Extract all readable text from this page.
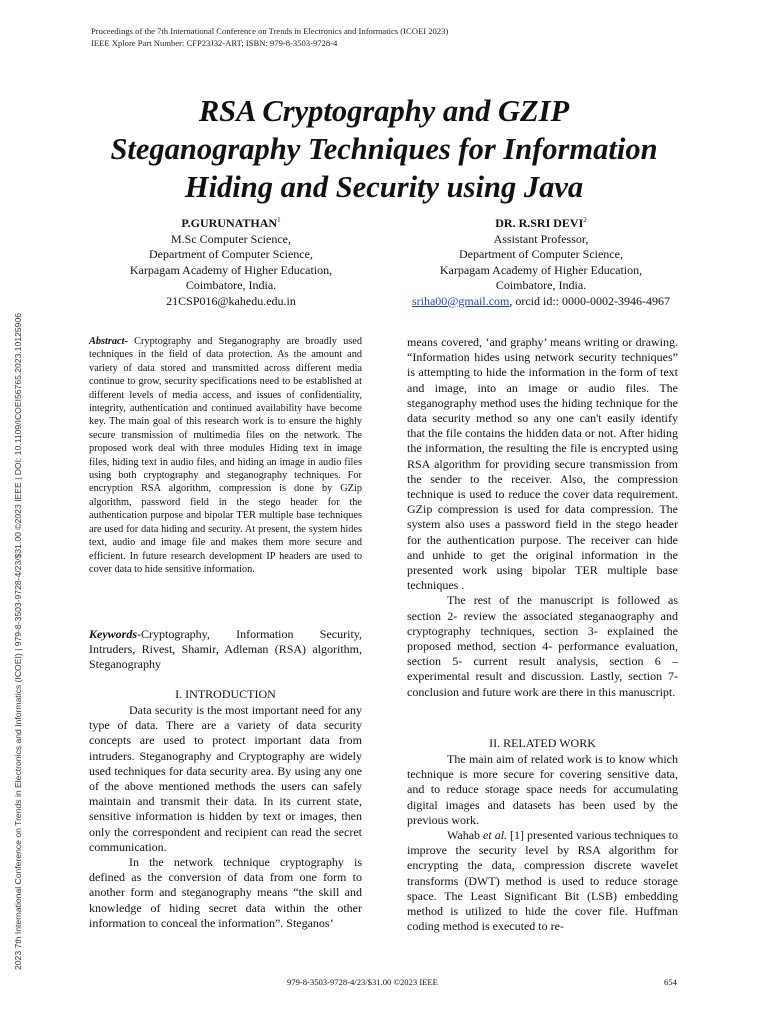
Proceedings of the 7th International Conference on Trends in Electronics and Informatics (ICOEI 2023)
IEEE Xplore Part Number: CFP23J32-ART; ISBN: 979-8-3503-9728-4
2023 7th International Conference on Trends in Electronics and Informatics (ICOEI) | 979-8-3503-9728-4/23/$31.00 ©2023 IEEE | DOI: 10.1109/ICOEI56765.2023.10125906
RSA Cryptography and GZIP
Steganography Techniques for Information
Hiding and Security using Java
P.GURUNATHAN$^1$
M.Sc Computer Science,
Department of Computer Science,
Karpagam Academy of Higher Education,
Coimbatore, India.
21CSP016@kahedu.edu.in
DR. R.SRI DEVI$^2$
Assistant Professor,
Department of Computer Science,
Karpagam Academy of Higher Education,
Coimbatore, India.
sriha00@gmail.com, orcid id:: 0000-0002-3946-4967
Abstract- Cryptography and Steganography are broadly used techniques in the field of data protection. As the amount and variety of data stored and transmitted across different media continue to grow, security specifications need to be established at different levels of media access, and issues of confidentiality, integrity, authentication and continued availability have become key. The main goal of this research work is to ensure the highly secure transmission of multimedia files on the network. The proposed work deal with three modules Hiding text in image files, hiding text in audio files, and hiding an image in audio files using both cryptography and steganography techniques. For encryption RSA algorithm, compression is done by GZip algorithm, password field in the stego header for the authentication purpose and bipolar TER multiple base techniques are used for data hiding and security. At present, the system hides text, audio and image file and makes them more secure and efficient. In future research development IP headers are used to cover data to hide sensitive information.
Keywords-Cryptography, Information Security, Intruders, Rivest, Shamir, Adleman (RSA) algorithm, Steganography
I. INTRODUCTION

Data security is the most important need for any type of data. There are a variety of data security concepts are used to protect important data from intruders. Steganography and Cryptography are widely used techniques for data security area. By using any one of the above mentioned methods the users can safely maintain and transmit their data. In its current state, sensitive information is hidden by text or images, then only the correspondent and recipient can read the secret communication.

In the network technique cryptography is defined as the conversion of data from one form to another form and steganography means “the skill and knowledge of hiding secret data within the other information to conceal the information”. Steganos’

means covered, ‘and graphy’ means writing or drawing. “Information hides using network security techniques” is attempting to hide the information in the form of text and image, into an image or audio files. The steganography method uses the hiding technique for the data security method so any one can't easily identify that the file contains the hidden data or not. After hiding the information, the resulting the file is encrypted using RSA algorithm for providing secure transmission from the sender to the receiver. Also, the compression technique is used to reduce the cover data requirement. GZip compression is used for data compression. The system also uses a password field in the stego header for the authentication purpose. The receiver can hide and unhide to get the original information in the presented work using bipolar TER multiple base techniques .

The rest of the manuscript is followed as section 2- review the associated steganaography and cryptography techniques, section 3- explained the proposed method, section 4- performance evaluation, section 5- current result analysis, section 6 – experimental result and discussion. Lastly, section 7- conclusion and future work are there in this manuscript.

II. RELATED WORK

The main aim of related work is to know which technique is more secure for covering sensitive data, and to reduce storage space needs for accumulating digital images and datasets has been used by the previous work.

Wahab et al. [1] presented various techniques to improve the security level by RSA algorithm for encrypting the data, compression discrete wavelet transforms (DWT) method is used to reduce storage space. The Least Significant Bit (LSB) embedding method is utilized to hide the cover file. Huffman coding method is executed to re-

979-8-3503-9728-4/23/$31.00 ©2023 IEEE	654
